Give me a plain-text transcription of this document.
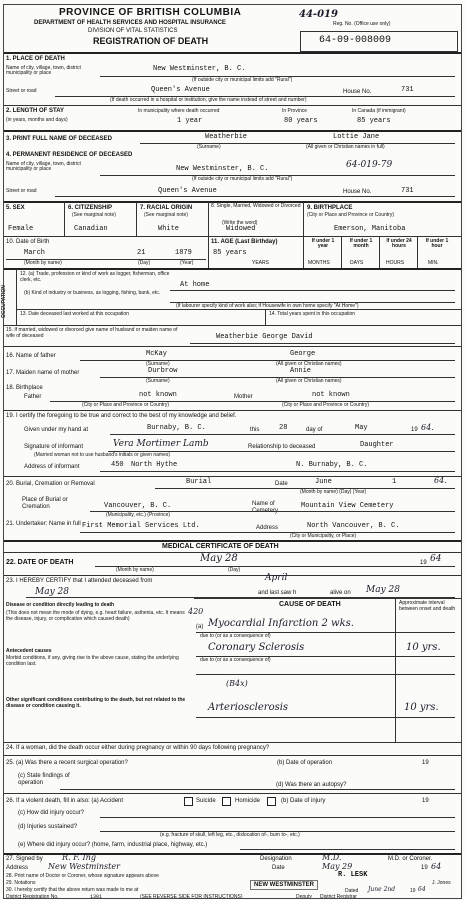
PROVINCE OF BRITISH COLUMBIA
DEPARTMENT OF HEALTH SERVICES AND HOSPITAL INSURANCE
DIVISION OF VITAL STATISTICS
REGISTRATION OF DEATH
44-019
Reg. No. (Office use only)
64-09-008009
1. PLACE OF DEATH
Name of city, village, town, district municipality or place	New Westminster, B. C.
(If outside city or municipal limits add "Rural")
Street or road	Queen's Avenue	House No.	731
(If death occurred in a hospital or institution, give the name instead of street and number)
2. LENGTH OF STAY
(in years, months and days)
In municipality where death occurred	In Province	In Canada (if immigrant)
1 year	80 years	85 years
3. PRINT FULL NAME OF DECEASED	Weatherbie	Lottie Jane
(Surname)	(All given or Christian names in full)
4. PERMANENT RESIDENCE OF DECEASED
Name of city, village, town, district municipality or place	New Westminster, B. C.	64-019-79
(If outside city or municipal limits add "Rural")
Street or road	Queen's Avenue	House No.	731
5. SEX	6. CITIZENSHIP
(See marginal note)
7. RACIAL ORIGIN
(See marginal note)
8. Single, Married, Widowed or Divorced
(Write the word)
9. BIRTHPLACE
(City or Place and Province or Country)
Female	Canadian	White	Widowed	Emerson, Manitoba
10. Date of Birth
March	21	1879
(Month by name)	(Day)	(Year)
11. AGE (Last Birthday)
85 years
YEARS
If under 1 year
If under 1 month
If under 24 hours
If under 1 hour
MONTHS	DAYS	HOURS	MIN.
OCCUPATION
12. (a) Trade, profession or kind of work as logger, fisherman, office clerk, etc.
At home
(b) Kind of industry or business, as logging, fishing, bank, etc.
(If labourer specify kind of work also; if Housewife in own home specify "At Home")
13. Date deceased last worked at this occupation	14. Total years spent in this occupation
15. If married, widowed or divorced give name of husband or maiden name of wife of deceased	Weatherbie George David
16. Name of father	McKay	George
(Surname)	(All given or Christian names)
17. Maiden name of mother	Durbrow	Annie
(Surname)	(All given or Christian names)
18. Birthplace
Father	not known	Mother	not known
(City or Place and Province or Country)	(City or Place and Province or Country)
19. I certify the foregoing to be true and correct to the best of my knowledge and belief.
Given under my hand at	Burnaby, B. C.	this	28	day of	May	19 64.
Signature of informant	Vera Mortimer Lamb	Relationship to deceased	Daughter
(Married woman not to use husband's initials or given names)
Address of informant	450 North Hythe	N. Burnaby, B. C.
20. Burial, Cremation or Removal	Burial	Date	June	1	64.
(Month by name) (Day) (Year)
Place of Burial or Cremation	Vancouver, B. C.	Name of Cemetery
Mountain View Cemetery
(Municipality, etc.) (Province)
21. Undertaker: Name in full First Memorial Services Ltd.	Address	North Vancouver, B. C.
(City or Municipality, or Place)
MEDICAL CERTIFICATE OF DEATH
22. DATE OF DEATH	May 28	19 64
(Month by name)	(Day)
23. I HEREBY CERTIFY that I attended deceased from	April
May 28	and last saw h	alive on May 28
CAUSE OF DEATH	Approximate interval between onset and death
Disease or condition directly leading to death
(This does not mean the mode of dying, e.g. heart failure, asthenia, etc. It means the disease, injury, or complication which caused death)
Antecedent causes
Morbid conditions, if any, giving rise to the above cause, stating the underlying condition last.
Other significant conditions contributing to the death, but not related to the disease or condition causing it.
420
(a) Myocardial Infarction 2 wks.
due to (or as a consequence of)
Coronary Sclerosis	10 yrs.
due to (or as a consequence of)
(B4x)
Arteriosclerosis	10 yrs.
24. If a woman, did the death occur either during pregnancy or within 90 days following pregnancy?
25. (a) Was there a recent surgical operation?	(b) Date of operation	19
(c) State findings of operation	(d) Was there an autopsy?
26. If a violent death, fill in also: (a) Accident	Suicide	Homicide	(b) Date of injury	19
(c) How did injury occur?
(d) Injuries sustained?
(e.g. fracture of skull, left leg, etc., dislocation of-, burn to-, etc.)
(e) Where did injury occur? (home, farm, industrial place, highway, etc.)
27. Signed by R. F. Ing	Designation	M.D.	M.D. or Coroner.
Address New Westminster	Date	May 29	19 64
28. Print name of Doctor or Coroner, whose signature appears above	R. LESK
29. Notations
30. I hereby certify that the above return was made to me at
NEW WESTMINSTER
Dated June 2nd	19 64
J. Jones
District Registration No.	1301	(SEE REVERSE SIDE FOR INSTRUCTIONS)	Deputy District Registrar
